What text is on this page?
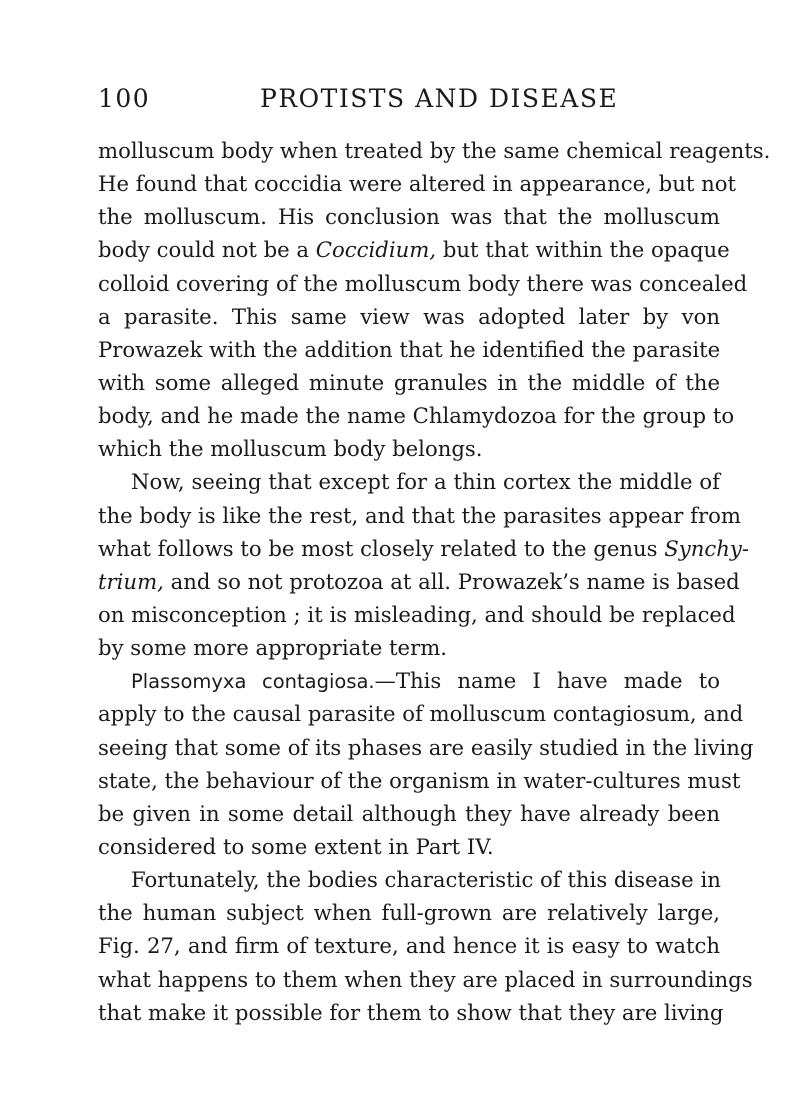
100	PROTISTS AND DISEASE
molluscum body when treated by the same chemical reagents.
He found that coccidia were altered in appearance, but not
the molluscum. His conclusion was that the molluscum
body could not be a Coccidium, but that within the opaque
colloid covering of the molluscum body there was concealed
a parasite. This same view was adopted later by von
Prowazek with the addition that he identified the parasite
with some alleged minute granules in the middle of the
body, and he made the name Chlamydozoa for the group to
which the molluscum body belongs.
Now, seeing that except for a thin cortex the middle of
the body is like the rest, and that the parasites appear from
what follows to be most closely related to the genus Synchy-
trium, and so not protozoa at all. Prowazek’s name is based
on misconception ; it is misleading, and should be replaced
by some more appropriate term.
Plassomyxa contagiosa.—This name I have made to
apply to the causal parasite of molluscum contagiosum, and
seeing that some of its phases are easily studied in the living
state, the behaviour of the organism in water-cultures must
be given in some detail although they have already been
considered to some extent in Part IV.
Fortunately, the bodies characteristic of this disease in
the human subject when full-grown are relatively large,
Fig. 27, and firm of texture, and hence it is easy to watch
what happens to them when they are placed in surroundings
that make it possible for them to show that they are living
